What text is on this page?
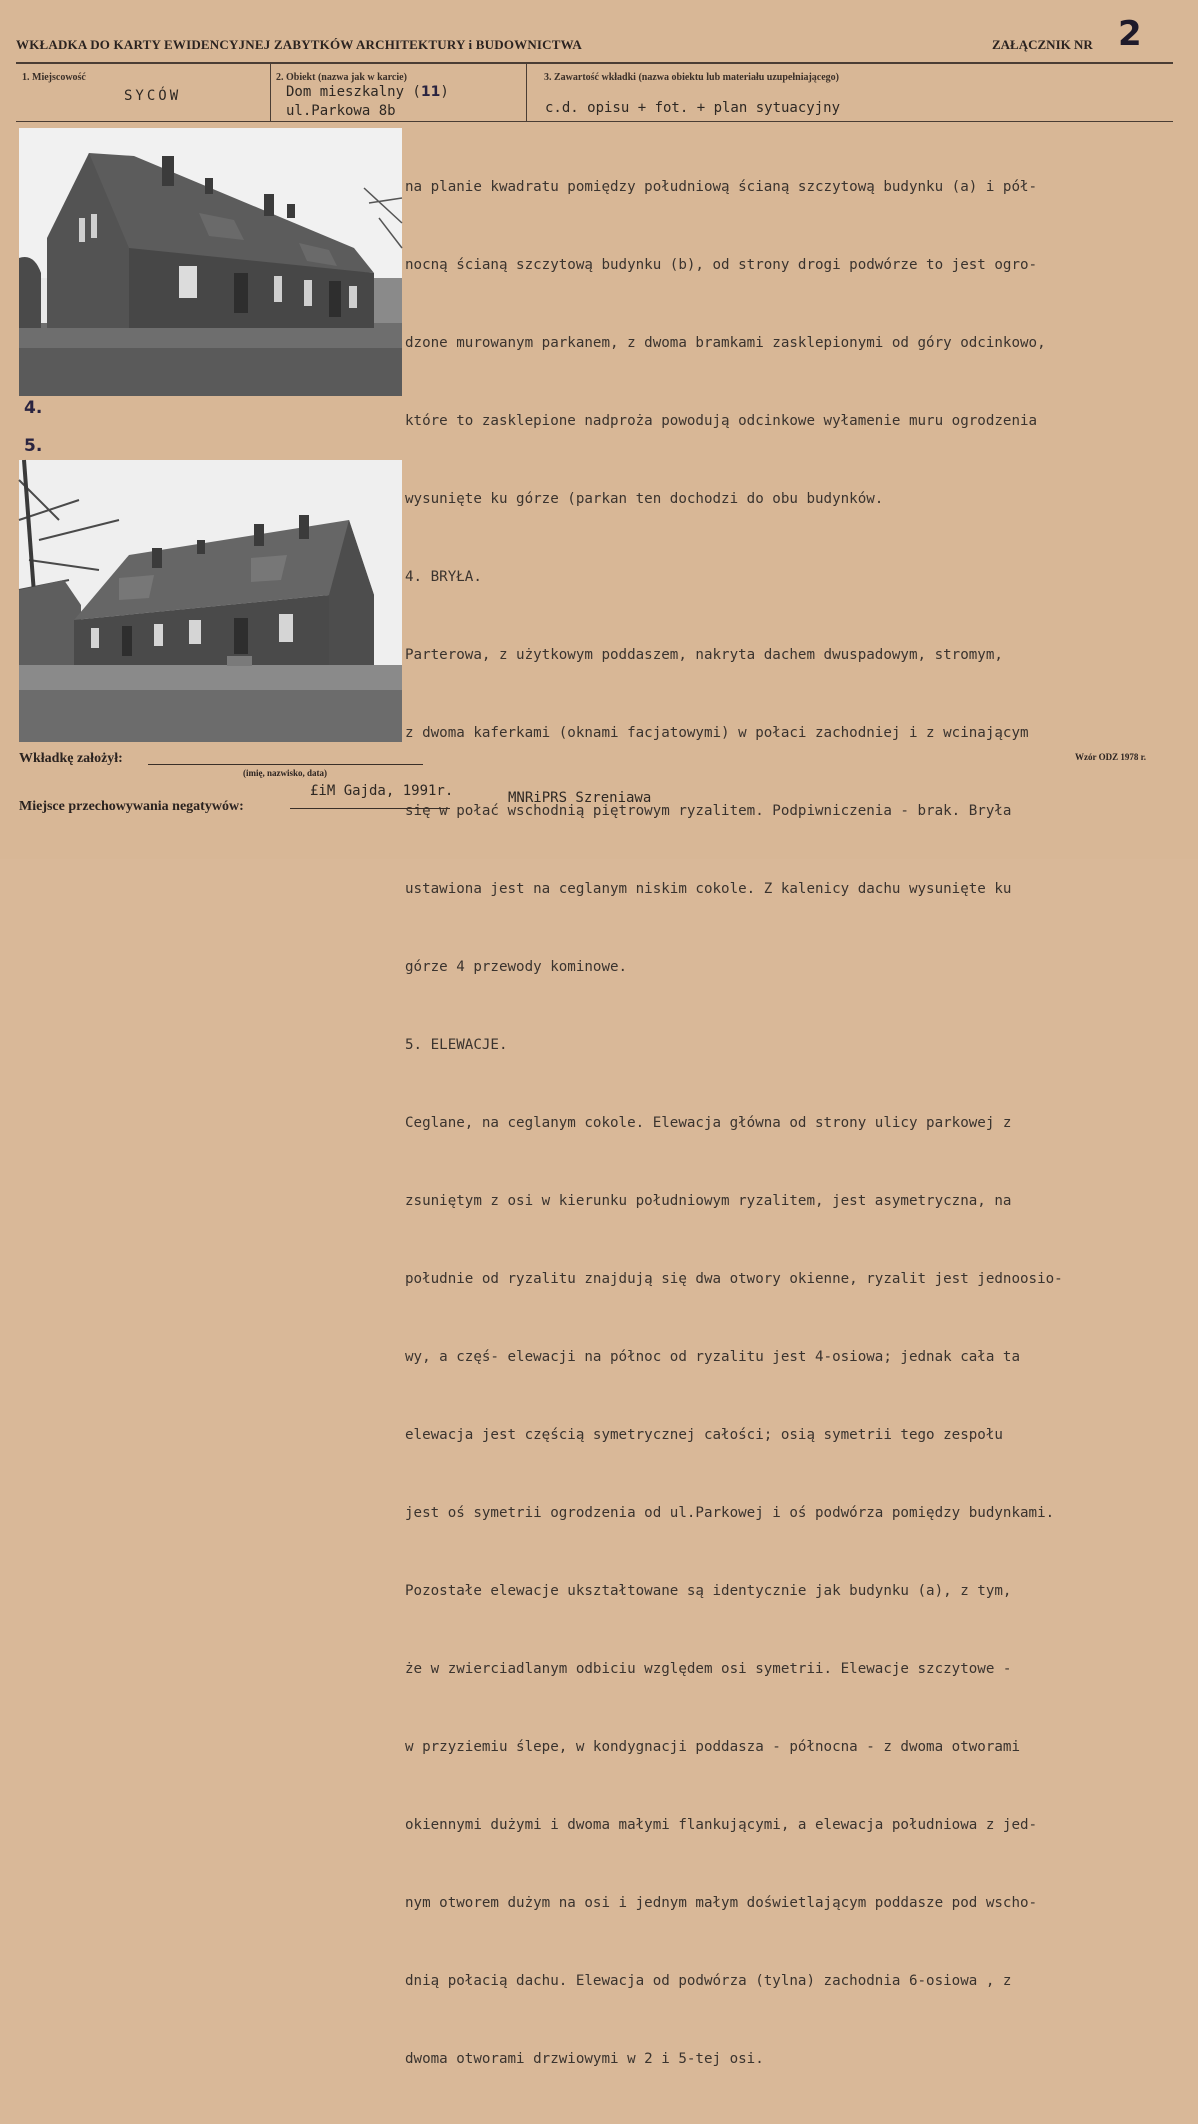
WKŁADKA DO KARTY EWIDENCYJNEJ ZABYTKÓW ARCHITEKTURY i BUDOWNICTWA	ZAŁĄCZNIK NR 2
1. Miejscowość
SYCÓW
2. Obiekt (nazwa jak w karcie)
Dom mieszkalny (11)
ul.Parkowa 8b
3. Zawartość wkładki (nazwa obiektu lub materiału uzupełniającego)
c.d. opisu + fot. + plan sytuacyjny
4.
5.

na planie kwadratu pomiędzy południową ścianą szczytową budynku (a) i pół-

nocną ścianą szczytową budynku (b), od strony drogi podwórze to jest ogro-

dzone murowanym parkanem, z dwoma bramkami zasklepionymi od góry odcinkowo,

które to zasklepione nadproża powodują odcinkowe wyłamenie muru ogrodzenia

wysunięte ku górze (parkan ten dochodzi do obu budynków.

4. BRYŁA.

Parterowa, z użytkowym poddaszem, nakryta dachem dwuspadowym, stromym,

z dwoma kaferkami (oknami facjatowymi) w połaci zachodniej i z wcinającym

się w połać wschodnią piętrowym ryzalitem. Podpiwniczenia - brak. Bryła

ustawiona jest na ceglanym niskim cokole. Z kalenicy dachu wysunięte ku

górze 4 przewody kominowe.

5. ELEWACJE.

Ceglane, na ceglanym cokole. Elewacja główna od strony ulicy parkowej z

zsuniętym z osi w kierunku południowym ryzalitem, jest asymetryczna, na

południe od ryzalitu znajdują się dwa otwory okienne, ryzalit jest jednoosio-

wy, a częś- elewacji na północ od ryzalitu jest 4-osiowa; jednak cała ta

elewacja jest częścią symetrycznej całości; osią symetrii tego zespołu

jest oś symetrii ogrodzenia od ul.Parkowej i oś podwórza pomiędzy budynkami.

Pozostałe elewacje ukształtowane są identycznie jak budynku (a), z tym,

że w zwierciadlanym odbiciu względem osi symetrii. Elewacje szczytowe -

w przyziemiu ślepe, w kondygnacji poddasza - północna - z dwoma otworami

okiennymi dużymi i dwoma małymi flankującymi, a elewacja południowa z jed-

nym otworem dużym na osi i jednym małym doświetlającym poddasze pod wscho-

dnią połacią dachu. Elewacja od podwórza (tylna) zachodnia 6-osiowa , z

dwoma otworami drzwiowymi w 2 i 5-tej osi.

Wkładkę założył:
(imię, nazwisko, data)
Wzór ODZ 1978 r.
Miejsce przechowywania negatywów:
£iM Gajda, 1991r.	MNRiPRS Szreniawa
